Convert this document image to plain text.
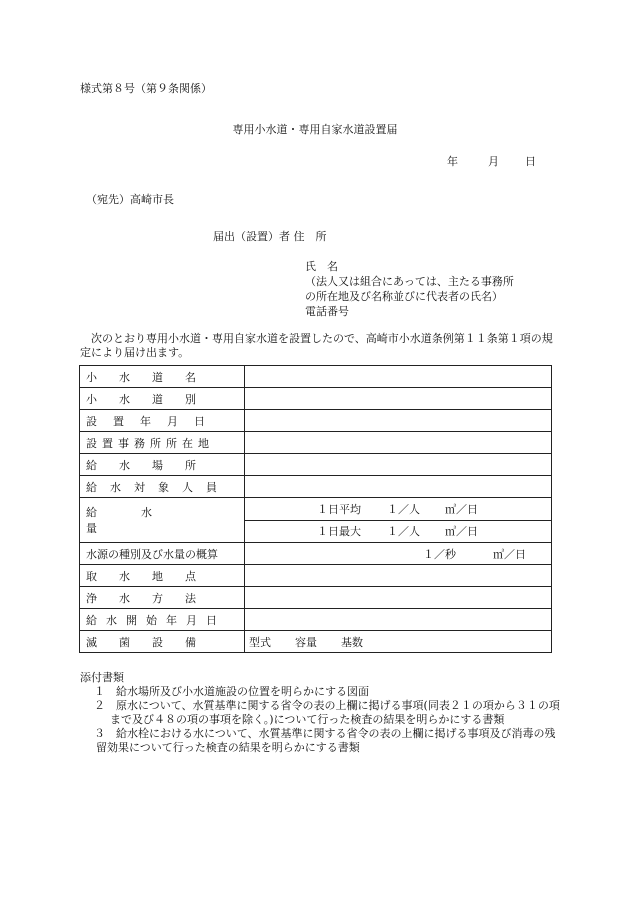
様式第８号（第９条関係）
専用小水道・専用自家水道設置届
年	月 日
（宛先）高崎市長
届出（設置）者 住　所
氏　名
（法人又は組合にあっては、主たる事務所
の所在地及び名称並びに代表者の氏名）
電話番号
次のとおり専用小水道・専用自家水道を設置したので、高崎市小水道条例第１１条第１項の規定により届け出ます。
小水道名	

小水道別	

設置年月日	

設置事務所所在地	

給水場所	

給水対象人員	

給水量	１日平均 １／人 ㎥／日

	１日最大 １／人 ㎥／日

水源の種別及び水量の概算	１／秒 ㎥／日

取水地点	

浄水方法	

給水開始年月日	

滅菌設備	型式 容量 基数
添付書類
１　給水場所及び小水道施設の位置を明らかにする図面
２　原水について、水質基準に関する省令の表の上欄に掲げる事項(同表２１の項から３１の項まで及び４８の項の事項を除く。)について行った検査の結果を明らかにする書類
３　給水栓における水について、水質基準に関する省令の表の上欄に掲げる事項及び消毒の残留効果について行った検査の結果を明らかにする書類
